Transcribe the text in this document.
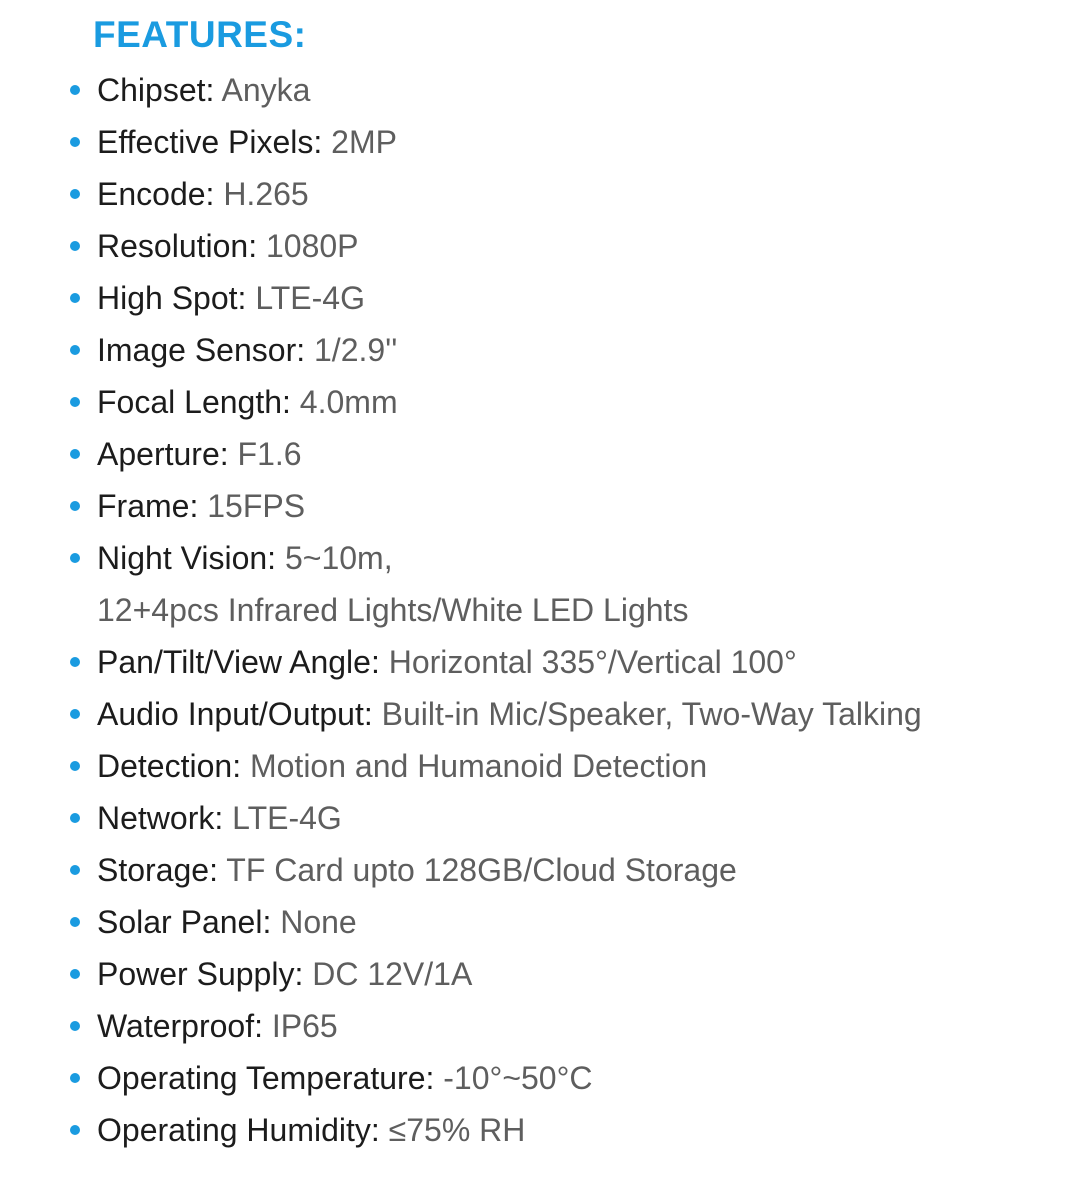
FEATURES:
Chipset: Anyka
Effective Pixels: 2MP
Encode: H.265
Resolution: 1080P
High Spot: LTE-4G
Image Sensor: 1/2.9''
Focal Length: 4.0mm
Aperture: F1.6
Frame: 15FPS
Night Vision: 5~10m,
12+4pcs Infrared Lights/White LED Lights
Pan/Tilt/View Angle: Horizontal 335°/Vertical 100°
Audio Input/Output: Built-in Mic/Speaker, Two-Way Talking
Detection: Motion and Humanoid Detection
Network: LTE-4G
Storage: TF Card upto 128GB/Cloud Storage
Solar Panel: None
Power Supply: DC 12V/1A
Waterproof: IP65
Operating Temperature: -10°~50°C
Operating Humidity: ≤75% RH
